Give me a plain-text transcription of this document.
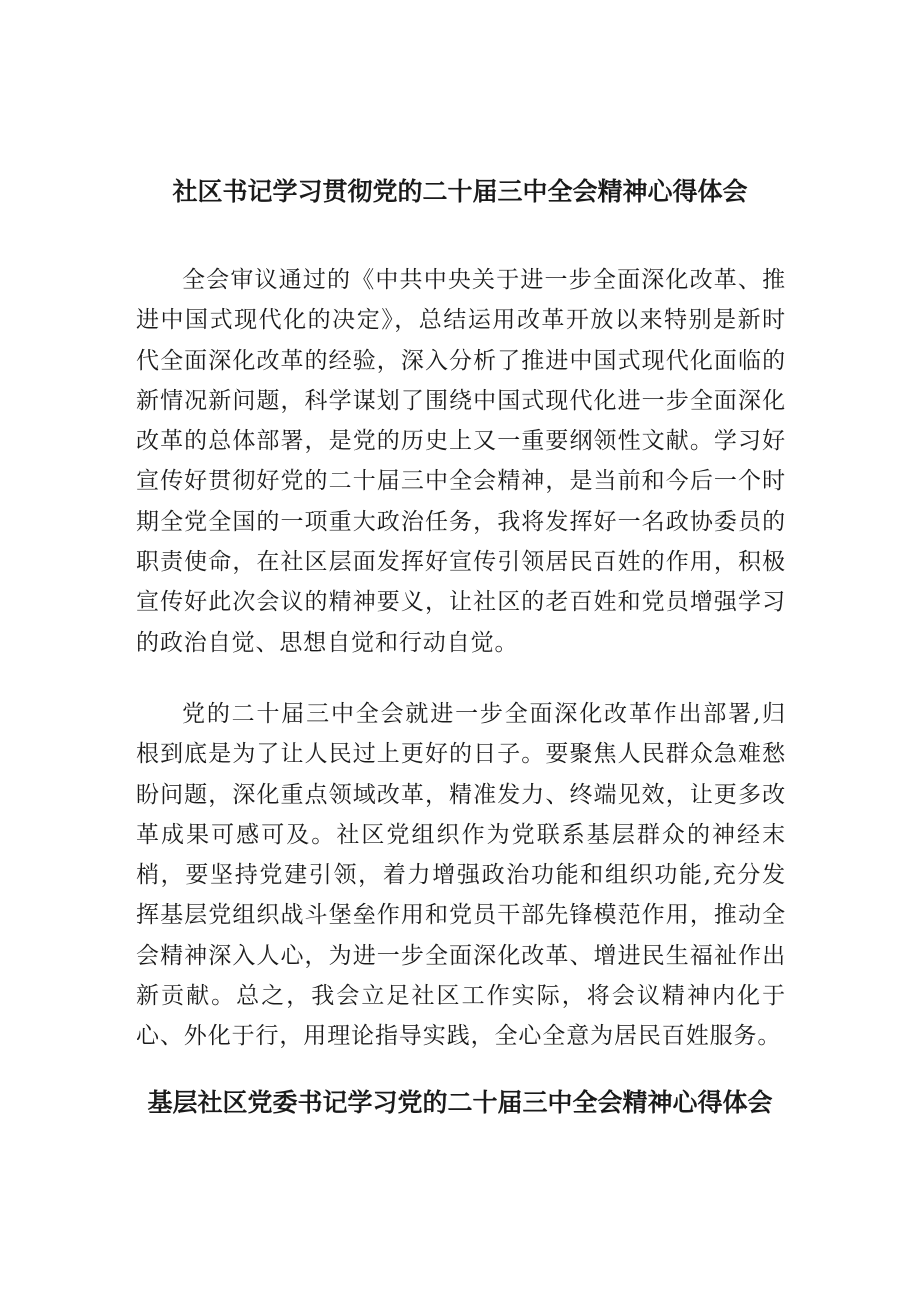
社区书记学习贯彻党的二十届三中全会精神心得体会

全会审议通过的《中共中央关于进一步全面深化改革、推进中国式现代化的决定》，总结运用改革开放以来特别是新时代全面深化改革的经验，深入分析了推进中国式现代化面临的新情况新问题，科学谋划了围绕中国式现代化进一步全面深化改革的总体部署，是党的历史上又一重要纲领性文献。学习好宣传好贯彻好党的二十届三中全会精神，是当前和今后一个时期全党全国的一项重大政治任务，我将发挥好一名政协委员的职责使命，在社区层面发挥好宣传引领居民百姓的作用，积极宣传好此次会议的精神要义，让社区的老百姓和党员增强学习的政治自觉、思想自觉和行动自觉。

党的二十届三中全会就进一步全面深化改革作出部署,归根到底是为了让人民过上更好的日子。要聚焦人民群众急难愁盼问题，深化重点领域改革，精准发力、终端见效，让更多改革成果可感可及。社区党组织作为党联系基层群众的神经末梢，要坚持党建引领，着力增强政治功能和组织功能,充分发挥基层党组织战斗堡垒作用和党员干部先锋模范作用，推动全会精神深入人心，为进一步全面深化改革、增进民生福祉作出新贡献。总之，我会立足社区工作实际，将会议精神内化于心、外化于行，用理论指导实践，全心全意为居民百姓服务。

基层社区党委书记学习党的二十届三中全会精神心得体会
